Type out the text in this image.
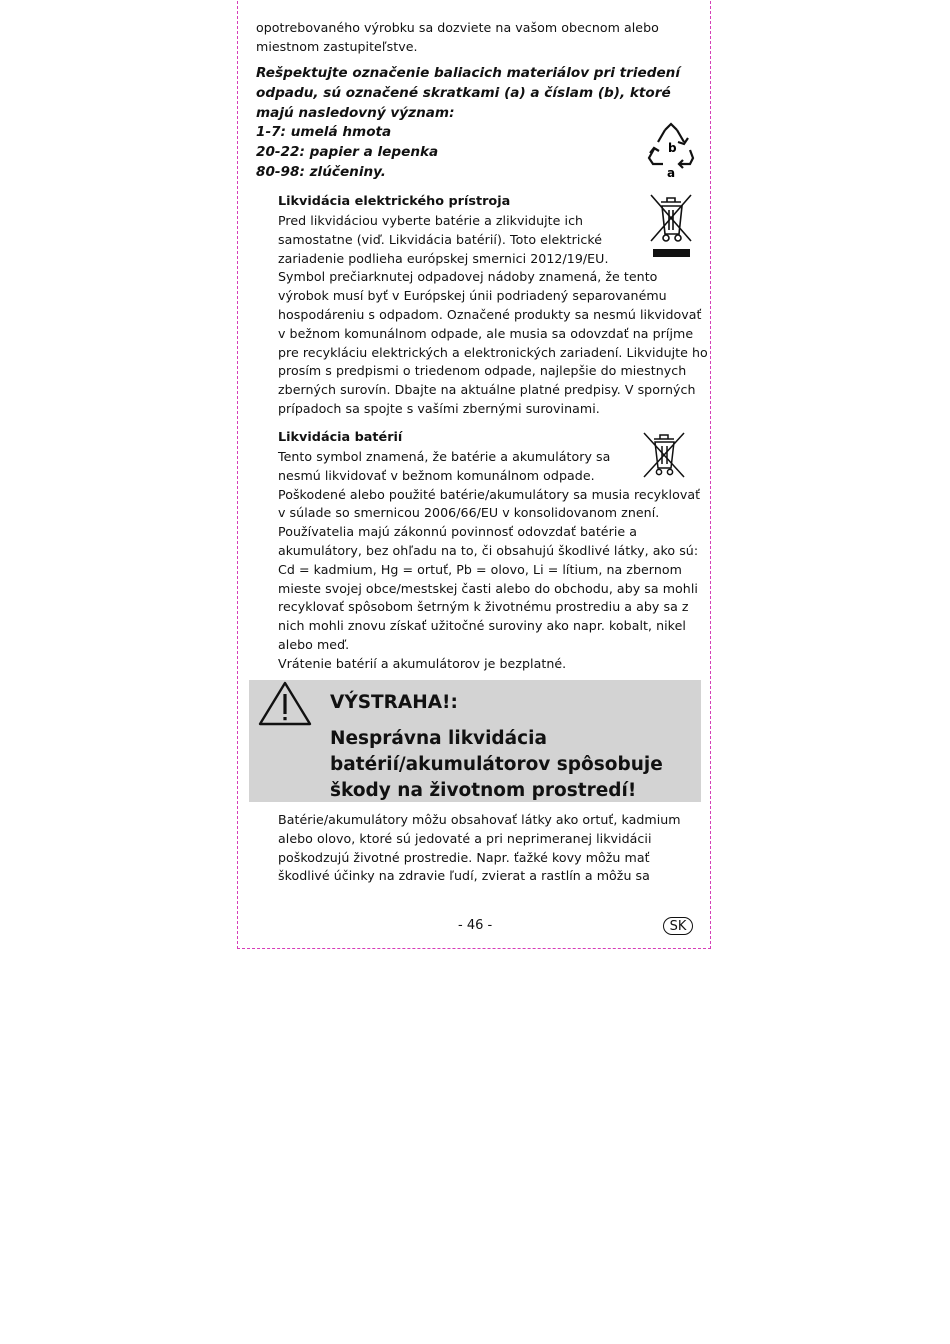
opotrebovaného výrobku sa dozviete na vašom obecnom alebo
miestnom zastupiteľstve.
Rešpektujte označenie baliacich materiálov pri triedení
odpadu, sú označené skratkami (a) a číslam (b), ktoré
majú nasledovný význam:
1-7: umelá hmota
20-22: papier a lepenka
80-98: zlúčeniny.
b
a
Likvidácia elektrického prístroja
Pred likvidáciou vyberte batérie a zlikvidujte ich
samostatne (viď. Likvidácia batérií). Toto elektrické
zariadenie podlieha európskej smernici 2012/19/EU.
Symbol prečiarknutej odpadovej nádoby znamená, že tento
výrobok musí byť v Európskej únii podriadený separovanému
hospodáreniu s odpadom. Označené produkty sa nesmú likvidovať
v bežnom komunálnom odpade, ale musia sa odovzdať na príjme
pre recykláciu elektrických a elektronických zariadení. Likvidujte ho
prosím s predpismi o triedenom odpade, najlepšie do miestnych
zberných surovín. Dbajte na aktuálne platné predpisy. V sporných
prípadoch sa spojte s vašími zbernými surovinami.
Likvidácia batérií
Tento symbol znamená, že batérie a akumulátory sa
nesmú likvidovať v bežnom komunálnom odpade.
Poškodené alebo použité batérie/akumulátory sa musia recyklovať
v súlade so smernicou 2006/66/EU v konsolidovanom znení.
Používatelia majú zákonnú povinnosť odovzdať batérie a
akumulátory, bez ohľadu na to, či obsahujú škodlivé látky, ako sú:
Cd = kadmium, Hg = ortuť, Pb = olovo, Li = lítium, na zbernom
mieste svojej obce/mestskej časti alebo do obchodu, aby sa mohli
recyklovať spôsobom šetrným k životnému prostrediu a aby sa z
nich mohli znovu získať užitočné suroviny ako napr. kobalt, nikel
alebo meď.
Vrátenie batérií a akumulátorov je bezplatné.
VÝSTRAHA!:
Nesprávna likvidácia
batérií/akumulátorov spôsobuje
škody na životnom prostredí!
Batérie/akumulátory môžu obsahovať látky ako ortuť, kadmium
alebo olovo, ktoré sú jedovaté a pri neprimeranej likvidácii
poškodzujú životné prostredie. Napr. ťažké kovy môžu mať
škodlivé účinky na zdravie ľudí, zvierat a rastlín a môžu sa
- 46 -	SK
